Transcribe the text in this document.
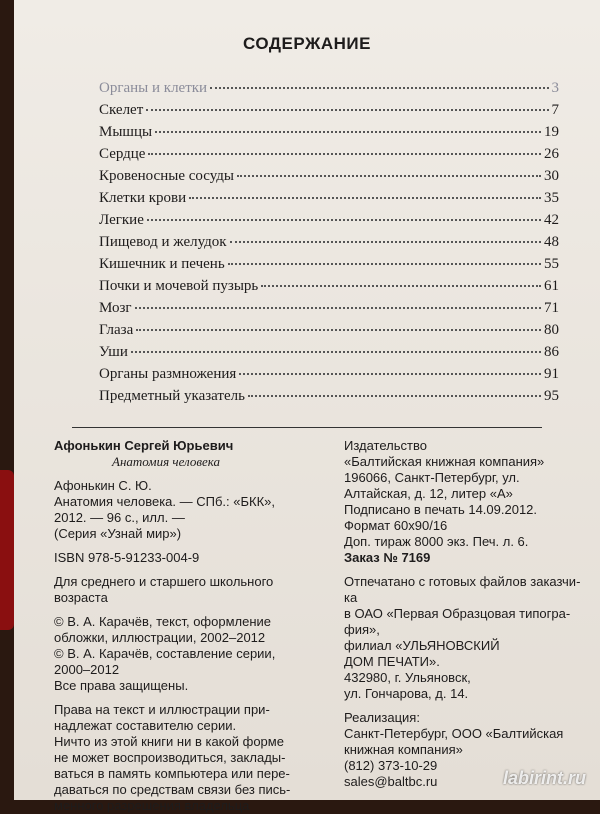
СОДЕРЖАНИЕ
Органы и клетки	3
Скелет	7
Мышцы	19
Сердце	26
Кровеносные сосуды	30
Клетки крови	35
Легкие	42
Пищевод и желудок	48
Кишечник и печень	55
Почки и мочевой пузырь	61
Мозг	71
Глаза	80
Уши	86
Органы размножения	91
Предметный указатель	95
Афонькин Сергей Юрьевич
Анатомия человека
Афонькин С. Ю.
Анатомия человека. — СПб.: «БКК»,
2012. — 96 с., илл. —
(Серия «Узнай мир»)
ISBN 978-5-91233-004-9
Для среднего и старшего школьного
возраста
© В. А. Карачёв, текст, оформление
обложки, иллюстрации, 2002–2012
© В. А. Карачёв, составление серии,
2000–2012
Все права защищены.
Права на текст и иллюстрации при-
надлежат составителю серии.
Ничто из этой книги ни в какой форме
не может воспроизводиться, заклады-
ваться в память компьютера или пере-
даваться по средствам связи без пись-
менного разрешения владельца
Издательство
«Балтийская книжная компания»
196066, Санкт-Петербург, ул.
Алтайская, д. 12, литер «А»
Подписано в печать 14.09.2012.
Формат 60x90/16
Доп. тираж 8000 экз. Печ. л. 6.
Заказ № 7169
Отпечатано с готовых файлов заказчи-
ка
в ОАО «Первая Образцовая типогра-
фия»,
филиал «УЛЬЯНОВСКИЙ
ДОМ ПЕЧАТИ».
432980, г. Ульяновск,
ул. Гончарова, д. 14.
Реализация:
Санкт-Петербург, ООО «Балтийская
книжная компания»
(812) 373-10-29
sales@baltbc.ru	labirint.ru
